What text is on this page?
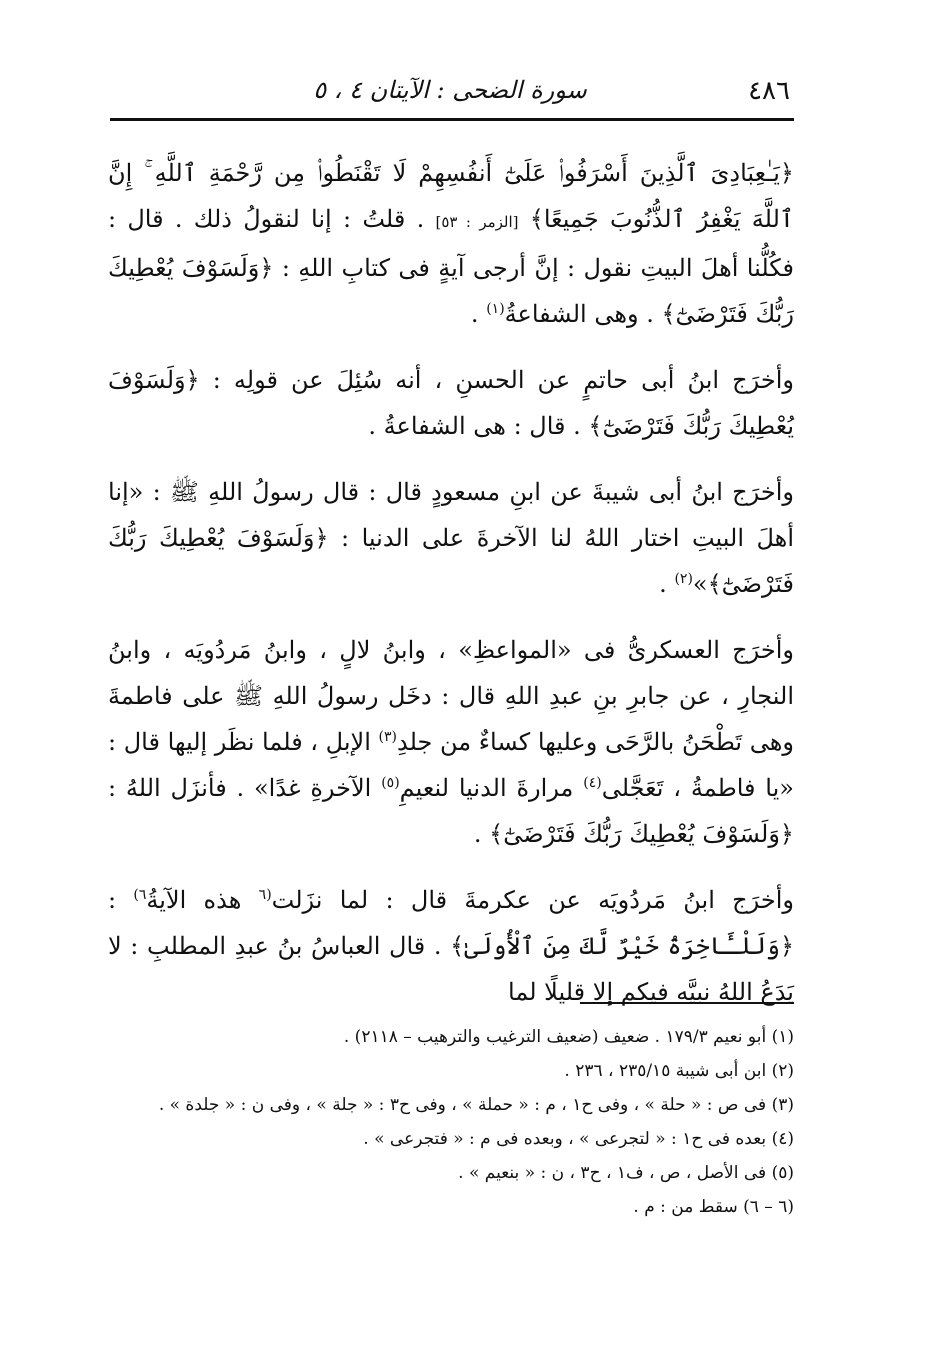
٤٨٦
سورة الضحى : الآيتان ٤ ، ٥

﴿يَـٰعِبَادِىَ ٱلَّذِينَ أَسْرَفُوا۟ عَلَىٰٓ أَنفُسِهِمْ لَا تَقْنَطُوا۟ مِن رَّحْمَةِ ٱللَّهِ ۚ إِنَّ ٱللَّهَ يَغْفِرُ ٱلذُّنُوبَ جَمِيعًا﴾ [الزمر : ٥٣] . قلتُ : إنا لنقولُ ذلك . قال : فكُلُّنا أهلَ البيتِ نقول : إنَّ أرجى آيةٍ فى كتابِ اللهِ : ﴿وَلَسَوْفَ يُعْطِيكَ رَبُّكَ فَتَرْضَىٰٓ﴾ . وهى الشفاعةُ$^{(١)}$ .

وأخرَج ابنُ أبى حاتمٍ عن الحسنِ ، أنه سُئِلَ عن قولِه : ﴿وَلَسَوْفَ يُعْطِيكَ رَبُّكَ فَتَرْضَىٰٓ﴾ . قال : هى الشفاعةُ .

وأخرَج ابنُ أبى شيبةَ عن ابنِ مسعودٍ قال : قال رسولُ اللهِ ﷺ : «إنا أهلَ البيتِ اختار اللهُ لنا الآخرةَ على الدنيا : ﴿وَلَسَوْفَ يُعْطِيكَ رَبُّكَ فَتَرْضَىٰٓ﴾»$^{(٢)}$ .

وأخرَج العسكرىُّ فى «المواعظِ» ، وابنُ لالٍ ، وابنُ مَردُويَه ، وابنُ النجارِ ، عن جابرِ بنِ عبدِ اللهِ قال : دخَل رسولُ اللهِ ﷺ على فاطمةَ وهى تَطْحَنُ بالرَّحَى وعليها كساءٌ من جلدِ$^{(٣)}$ الإبلِ ، فلما نظَر إليها قال : «يا فاطمةُ ، تَعَجَّلى$^{(٤)}$ مرارةَ الدنيا لنعيمِ$^{(٥)}$ الآخرةِ غدًا» . فأنزَل اللهُ : ﴿وَلَسَوْفَ يُعْطِيكَ رَبُّكَ فَتَرْضَىٰٓ﴾ .

وأخرَج ابنُ مَردُويَه عن عكرمةَ قال : لما نزَلت$^{(٦}$ هذه الآيةُ$^{٦)}$ : ﴿وَلَلْـَٔاخِرَةُ خَيْرٌ لَّكَ مِنَ ٱلْأُولَىٰ﴾ . قال العباسُ بنُ عبدِ المطلبِ : لا يَدَعُ اللهُ نبيَّه فيكم إلا قليلًا لما

(١) أبو نعيم ١٧٩/٣ . ضعيف (ضعيف الترغيب والترهيب – ٢١١٨) .
(٢) ابن أبى شيبة ٢٣٥/١٥ ، ٢٣٦ .
(٣) فى ص : « حلة » ، وفى ح١ ، م : « حملة » ، وفى ح٣ : « جلة » ، وفى ن : « جلدة » .
(٤) بعده فى ح١ : « لتجرعى » ، وبعده فى م : « فتجرعى » .
(٥) فى الأصل ، ص ، ف١ ، ح٣ ، ن : « بنعيم » .
(٦ – ٦) سقط من : م .
